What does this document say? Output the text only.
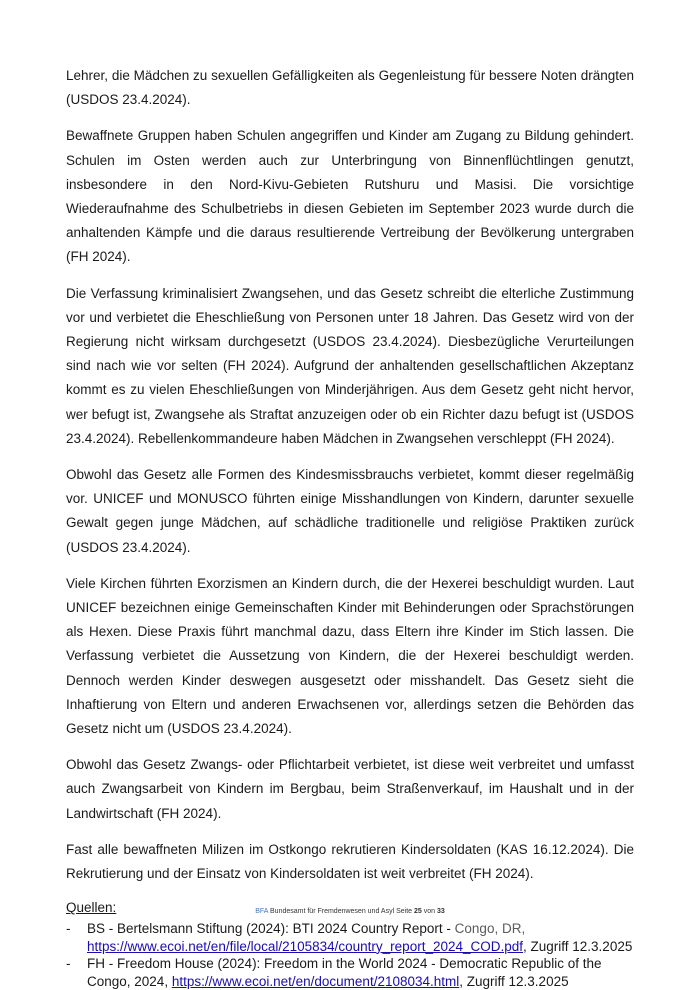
Lehrer, die Mädchen zu sexuellen Gefälligkeiten als Gegenleistung für bessere Noten drängten (USDOS 23.4.2024).

Bewaffnete Gruppen haben Schulen angegriffen und Kinder am Zugang zu Bildung gehindert. Schulen im Osten werden auch zur Unterbringung von Binnenflüchtlingen genutzt, insbesondere in den Nord-Kivu-Gebieten Rutshuru und Masisi. Die vorsichtige Wiederaufnahme des Schulbetriebs in diesen Gebieten im September 2023 wurde durch die anhaltenden Kämpfe und die daraus resultierende Vertreibung der Bevölkerung untergraben (FH 2024).

Die Verfassung kriminalisiert Zwangsehen, und das Gesetz schreibt die elterliche Zustimmung vor und verbietet die Eheschließung von Personen unter 18 Jahren. Das Gesetz wird von der Regierung nicht wirksam durchgesetzt (USDOS 23.4.2024). Diesbezügliche Verurteilungen sind nach wie vor selten (FH 2024). Aufgrund der anhaltenden gesellschaftlichen Akzeptanz kommt es zu vielen Eheschließungen von Minderjährigen. Aus dem Gesetz geht nicht hervor, wer befugt ist, Zwangsehe als Straftat anzuzeigen oder ob ein Richter dazu befugt ist (USDOS 23.4.2024). Rebellenkommandeure haben Mädchen in Zwangsehen verschleppt (FH 2024).

Obwohl das Gesetz alle Formen des Kindesmissbrauchs verbietet, kommt dieser regelmäßig vor. UNICEF und MONUSCO führten einige Misshandlungen von Kindern, darunter sexuelle Gewalt gegen junge Mädchen, auf schädliche traditionelle und religiöse Praktiken zurück (USDOS 23.4.2024).

Viele Kirchen führten Exorzismen an Kindern durch, die der Hexerei beschuldigt wurden. Laut UNICEF bezeichnen einige Gemeinschaften Kinder mit Behinderungen oder Sprachstörungen als Hexen. Diese Praxis führt manchmal dazu, dass Eltern ihre Kinder im Stich lassen. Die Verfassung verbietet die Aussetzung von Kindern, die der Hexerei beschuldigt werden. Dennoch werden Kinder deswegen ausgesetzt oder misshandelt. Das Gesetz sieht die Inhaftierung von Eltern und anderen Erwachsenen vor, allerdings setzen die Behörden das Gesetz nicht um (USDOS 23.4.2024).

Obwohl das Gesetz Zwangs- oder Pflichtarbeit verbietet, ist diese weit verbreitet und umfasst auch Zwangsarbeit von Kindern im Bergbau, beim Straßenverkauf, im Haushalt und in der Landwirtschaft (FH 2024).

Fast alle bewaffneten Milizen im Ostkongo rekrutieren Kindersoldaten (KAS 16.12.2024). Die Rekrutierung und der Einsatz von Kindersoldaten ist weit verbreitet (FH 2024).

Quellen:
- BS - Bertelsmann Stiftung (2024): BTI 2024 Country Report - Congo, DR, https://www.ecoi.net/en/file/local/2105834/country_report_2024_COD.pdf, Zugriff 12.3.2025
- FH - Freedom House (2024): Freedom in the World 2024 - Democratic Republic of the Congo, 2024, https://www.ecoi.net/en/document/2108034.html, Zugriff 12.3.2025
BFA Bundesamt für Fremdenwesen und Asyl Seite 25 von 33
